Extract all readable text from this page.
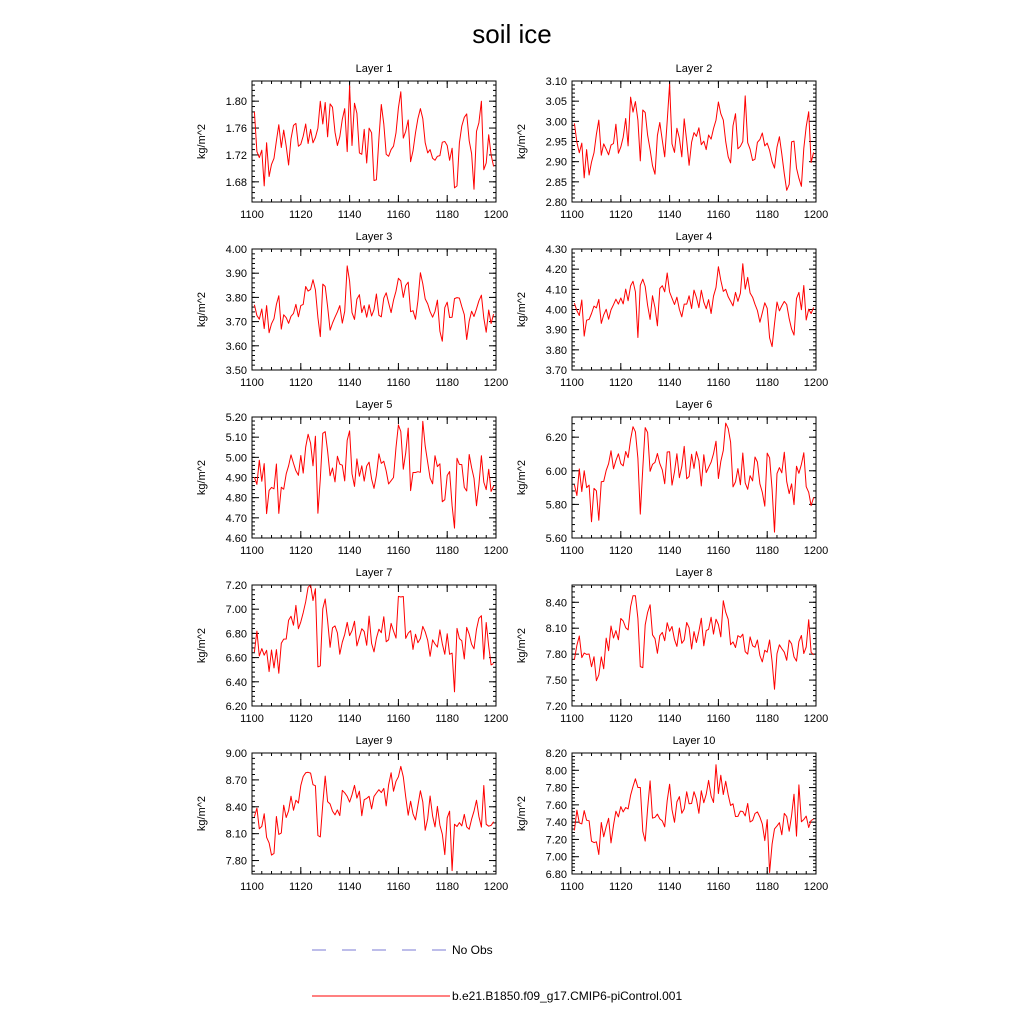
soil ice
Layer 1
kg/m^2
1100 1120 1140 1160 1180 1200
1.68
1.72
1.76
1.80
Layer 2
kg/m^2
1100 1120 1140 1160 1180 1200
2.80
2.85
2.90
2.95
3.00
3.05
3.10
Layer 3
kg/m^2
1100 1120 1140 1160 1180 1200
3.50
3.60
3.70
3.80
3.90
4.00
Layer 4
kg/m^2
1100 1120 1140 1160 1180 1200
3.70
3.80
3.90
4.00
4.10
4.20
4.30
Layer 5
kg/m^2
1100 1120 1140 1160 1180 1200
4.60
4.70
4.80
4.90
5.00
5.10
5.20
Layer 6
kg/m^2
1100 1120 1140 1160 1180 1200
5.60
5.80
6.00
6.20
Layer 7
kg/m^2
1100 1120 1140 1160 1180 1200
6.20
6.40
6.60
6.80
7.00
7.20
Layer 8
kg/m^2
1100 1120 1140 1160 1180 1200
7.20
7.50
7.80
8.10
8.40
Layer 9
kg/m^2
1100 1120 1140 1160 1180 1200
7.80
8.10
8.40
8.70
9.00
Layer 10
kg/m^2
1100 1120 1140 1160 1180 1200
6.80
7.00
7.20
7.40
7.60
7.80
8.00
8.20
No Obs
b.e21.B1850.f09_g17.CMIP6-piControl.001
